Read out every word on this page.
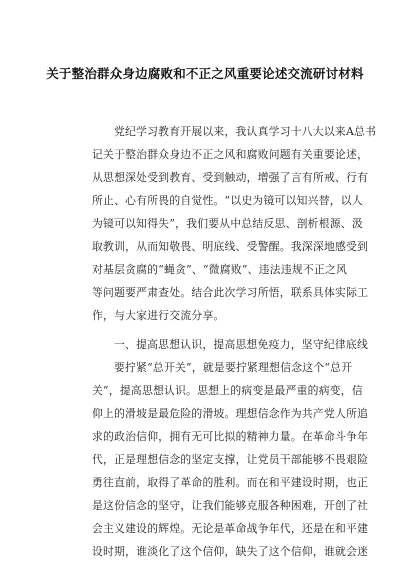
关于整治群众身边腐败和不正之风重要论述交流研讨材料
党纪学习教育开展以来，我认真学习十八大以来A总书
记关于整治群众身边不正之风和腐败问题有关重要论述，
从思想深处受到教育、受到触动，增强了言有所戒、行有
所止、心有所畏的自觉性。“以史为镜可以知兴替，以人
为镜可以知得失”，我们要从中总结反思、剖析根源、汲
取教训，从而知敬畏、明底线、受警醒。我深深地感受到
对基层贪腐的“蝇贪”、“微腐败”、违法违规不正之风
等问题要严肃查处。结合此次学习所悟，联系具体实际工
作，与大家进行交流分享。
一、提高思想认识，提高思想免疫力，坚守纪律底线
要拧紧“总开关”，就是要拧紧理想信念这个“总开
关”，提高思想认识。思想上的病变是最严重的病变，信
仰上的滑坡是最危险的滑坡。理想信念作为共产党人所追
求的政治信仰，拥有无可比拟的精神力量。在革命斗争年
代，正是理想信念的坚定支撑，让党员干部能够不畏艰险
勇往直前，取得了革命的胜利。而在和平建设时期，也正
是这份信念的坚守，让我们能够克服各种困难，开创了社
会主义建设的辉煌。无论是革命战争年代，还是在和平建
设时期，谁淡化了这个信仰，缺失了这个信仰，谁就会迷
